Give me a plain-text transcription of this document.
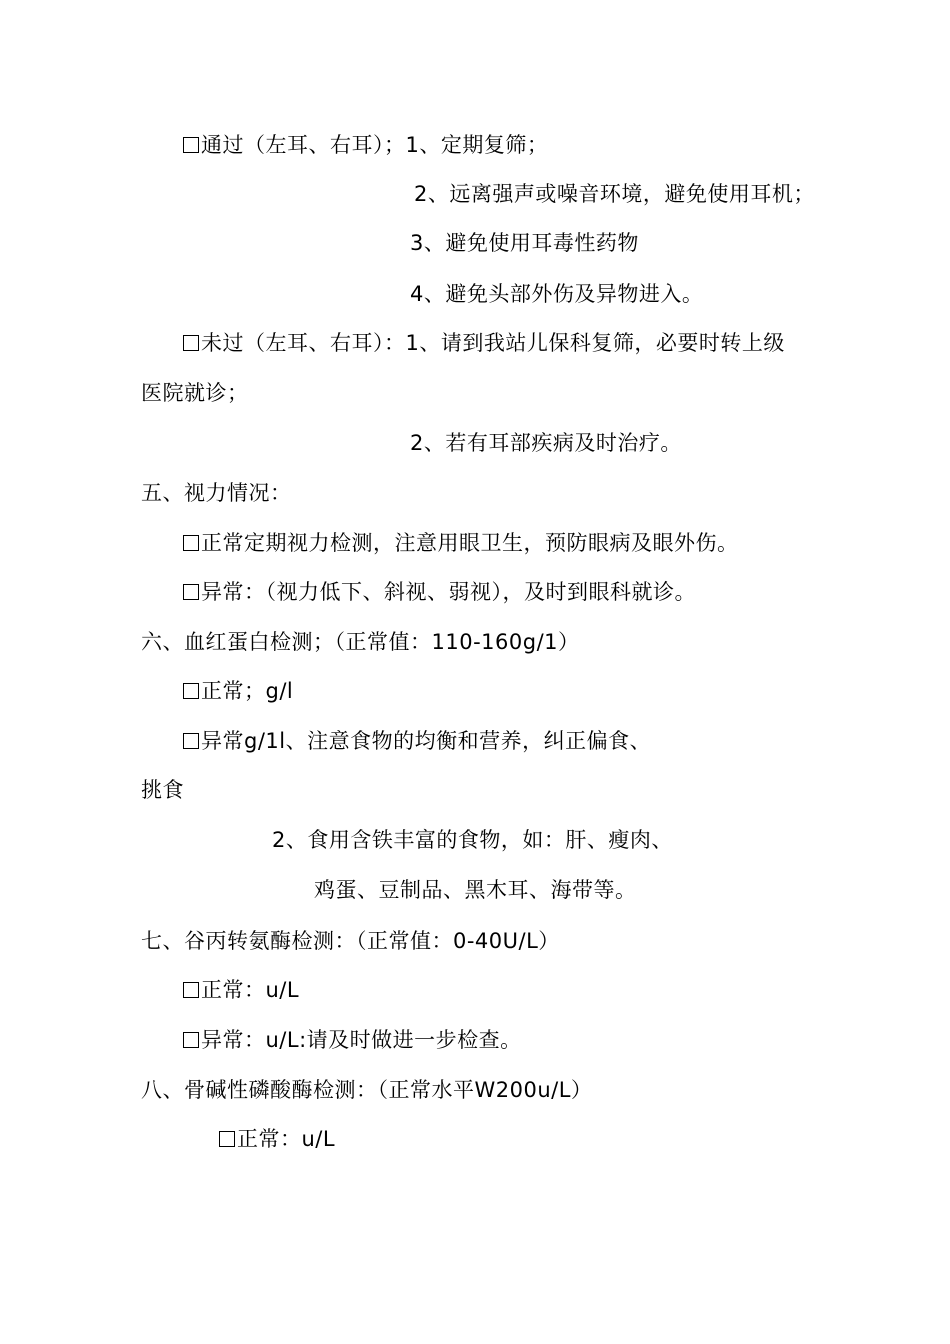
通过（左耳、右耳）；1、定期复筛；
2、远离强声或噪音环境，避免使用耳机；
3、避免使用耳毒性药物
4、避免头部外伤及异物进入。
未过（左耳、右耳）：1、请到我站儿保科复筛，必要时转上级
医院就诊；
2、若有耳部疾病及时治疗。
五、视力情况：
正常定期视力检测，注意用眼卫生，预防眼病及眼外伤。
异常：（视力低下、斜视、弱视），及时到眼科就诊。
六、血红蛋白检测；（正常值：110-160g/1）
正常；g/l
异常g/1l、注意食物的均衡和营养，纠正偏食、
挑食
2、食用含铁丰富的食物，如：肝、瘦肉、
鸡蛋、豆制品、黑木耳、海带等。
七、谷丙转氨酶检测：（正常值：0-40U/L）
正常：u/L
异常：u/L:请及时做进一步检查。
八、骨碱性磷酸酶检测：（正常水平W200u/L）
正常：u/L
